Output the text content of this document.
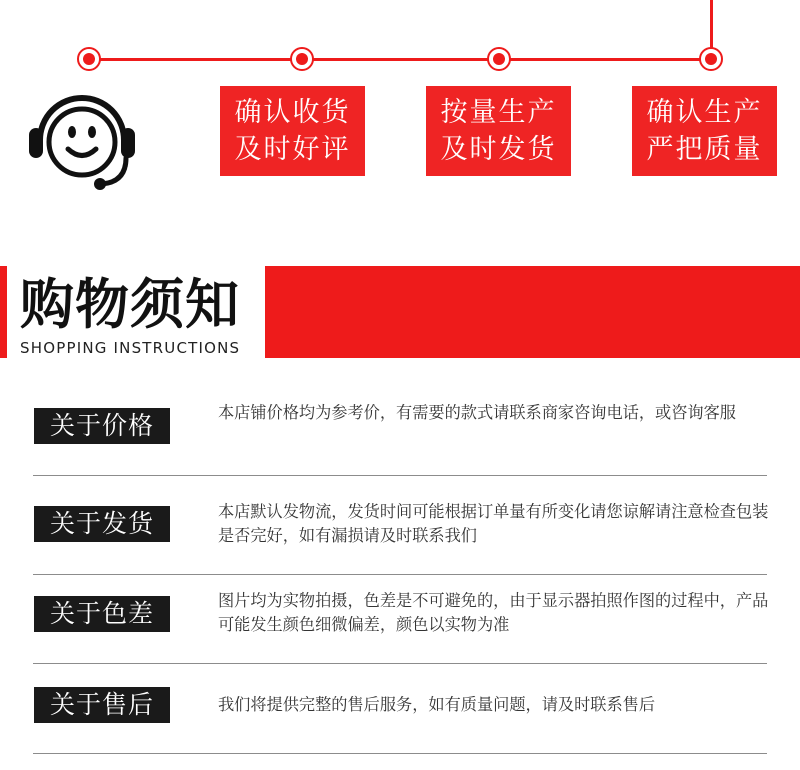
确认收货
及时好评
按量生产
及时发货
确认生产
严把质量
购物须知
SHOPPING INSTRUCTIONS
关于价格	本店铺价格均为参考价，有需要的款式请联系商家咨询电话，或咨询客服
关于发货	本店默认发物流，发货时间可能根据订单量有所变化请您谅解请注意检查包装是否完好，如有漏损请及时联系我们
关于色差	图片均为实物拍摄，色差是不可避免的，由于显示器拍照作图的过程中，产品可能发生颜色细微偏差，颜色以实物为准
关于售后	我们将提供完整的售后服务，如有质量问题，请及时联系售后
